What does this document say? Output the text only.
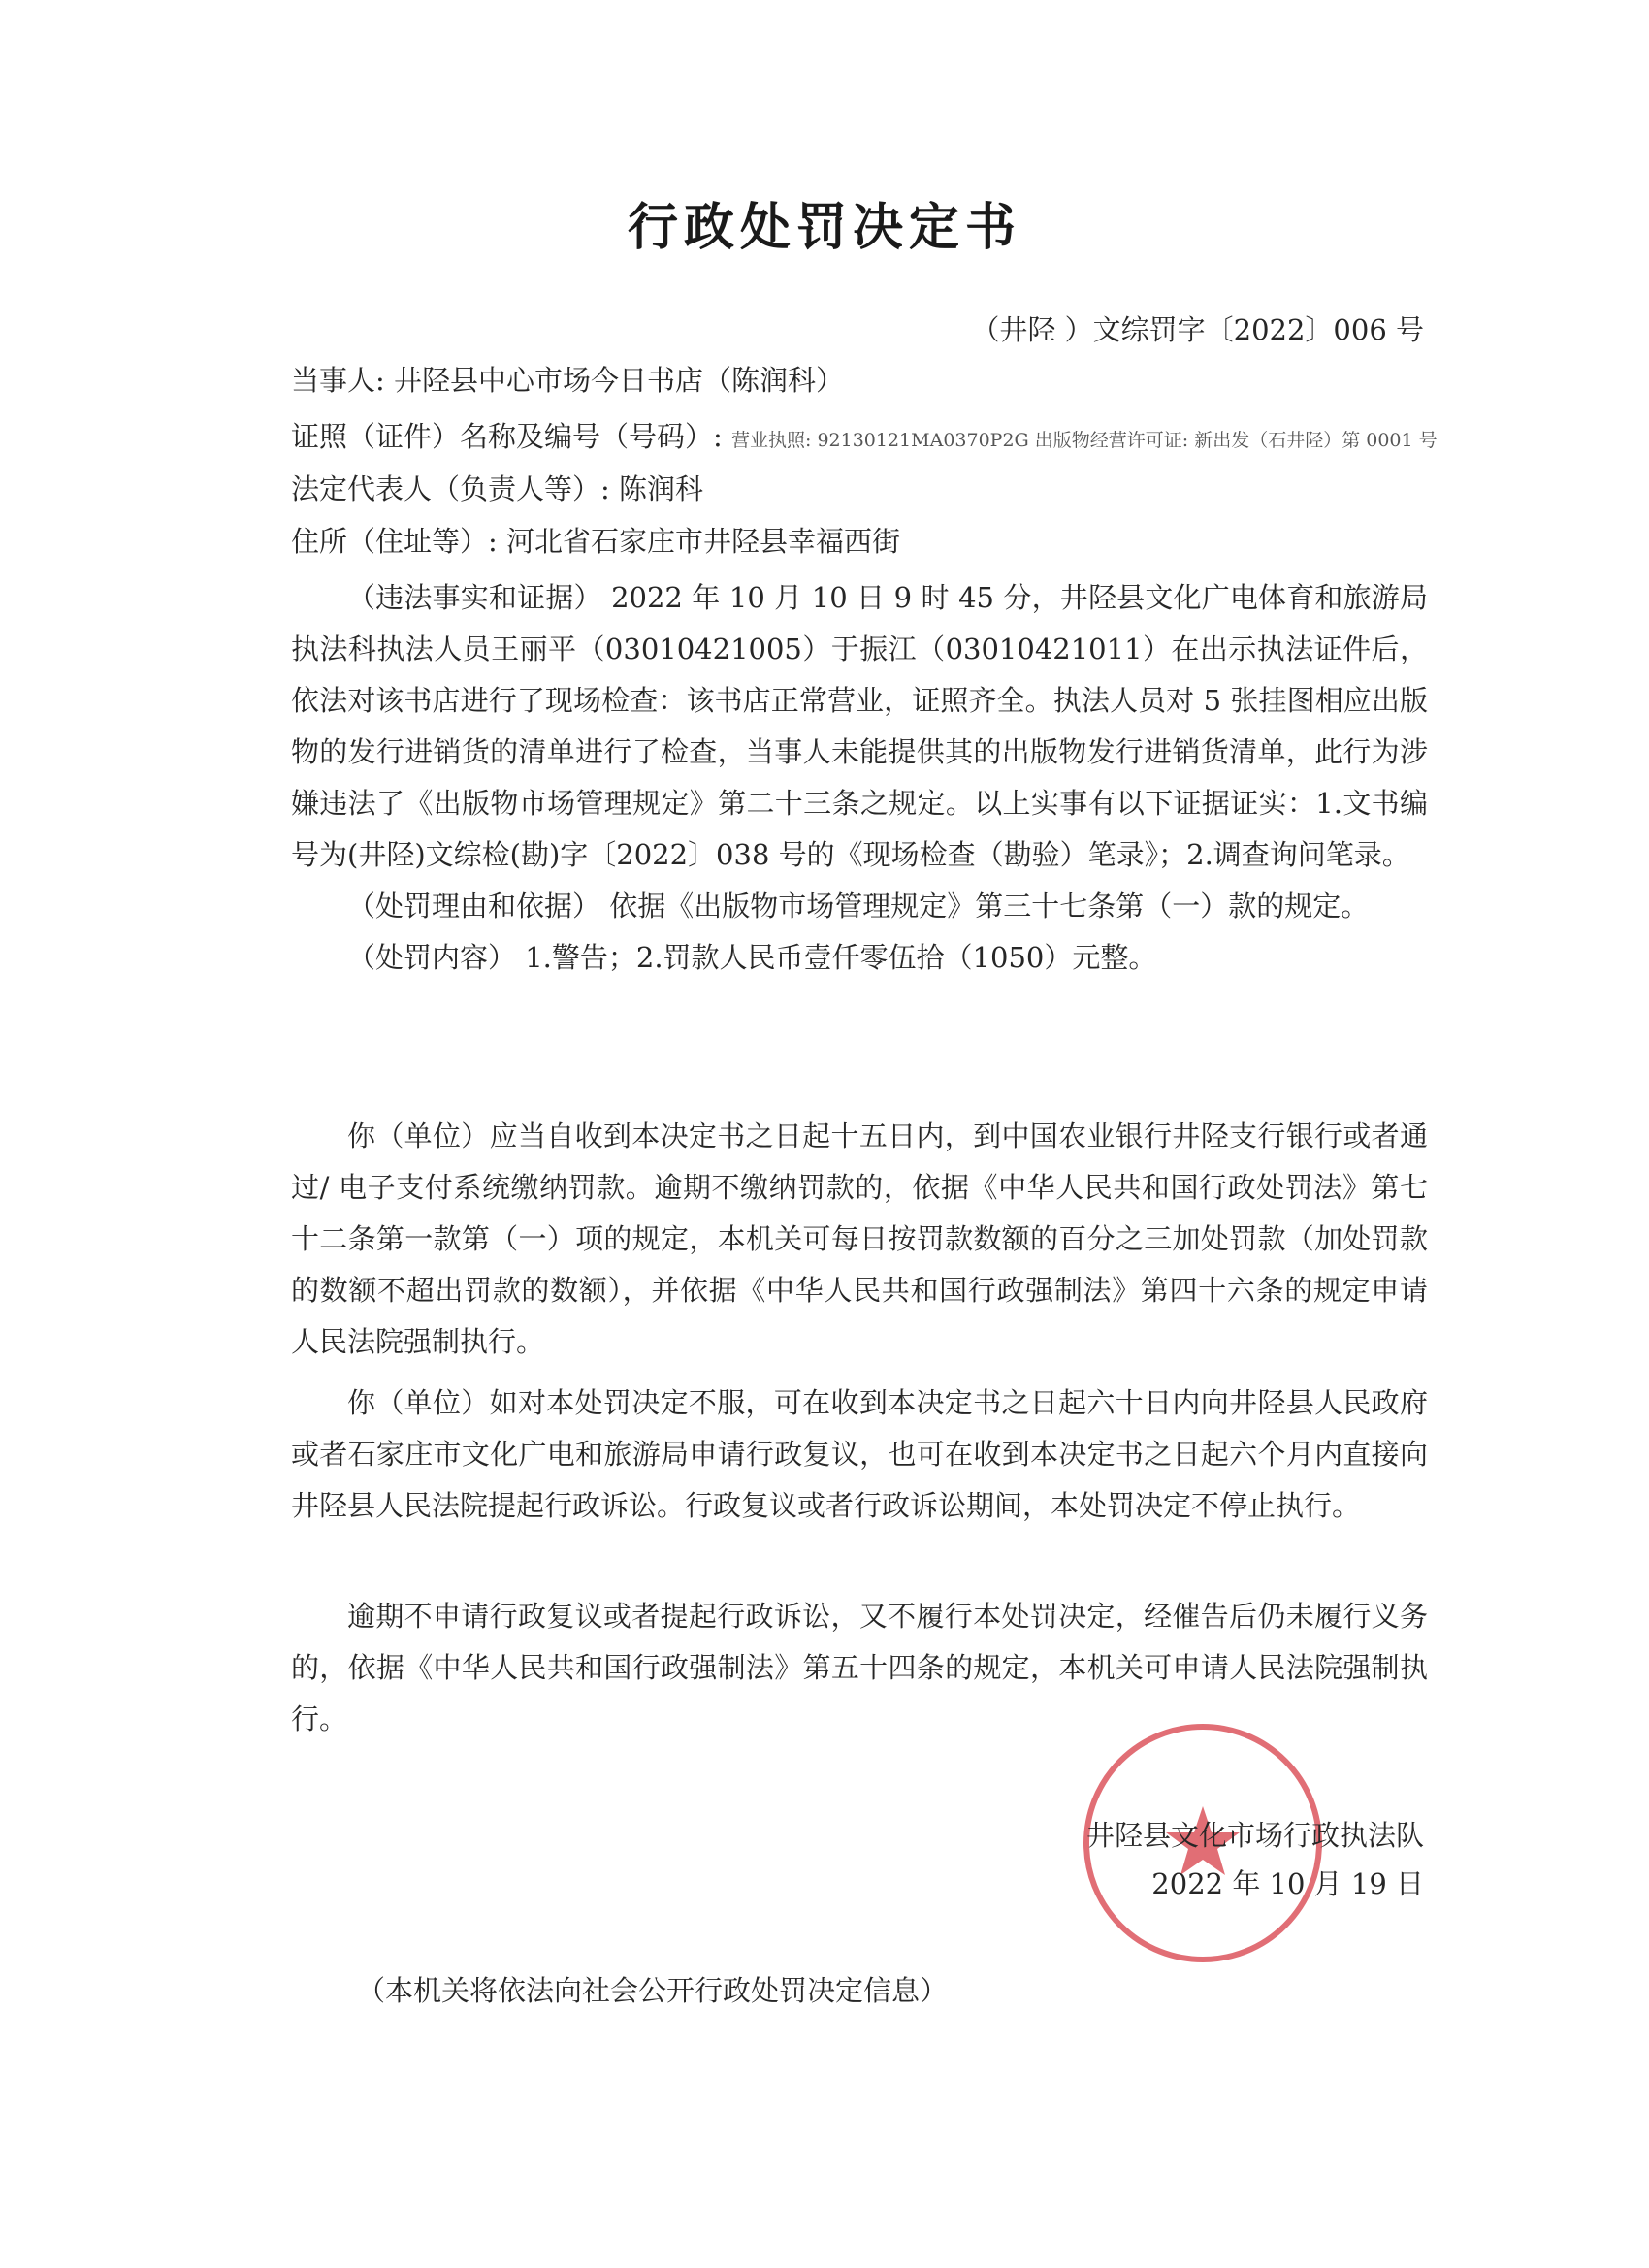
行政处罚决定书
（井陉 ）文综罚字〔2022〕006 号
当事人: 井陉县中心市场今日书店（陈润科）
证照（证件）名称及编号（号码）: 营业执照: 92130121MA0370P2G 出版物经营许可证: 新出发（石井陉）第 0001 号
法定代表人（负责人等）: 陈润科
住所（住址等）: 河北省石家庄市井陉县幸福西街

（违法事实和证据） 2022 年 10 月 10 日 9 时 45 分，井陉县文化广电体育和旅游局执法科执法人员王丽平（03010421005）于振江（03010421011）在出示执法证件后，依法对该书店进行了现场检查：该书店正常营业，证照齐全。执法人员对 5 张挂图相应出版物的发行进销货的清单进行了检查，当事人未能提供其的出版物发行进销货清单，此行为涉嫌违法了《出版物市场管理规定》第二十三条之规定。以上实事有以下证据证实：1.文书编号为(井陉)文综检(勘)字〔2022〕038 号的《现场检查（勘验）笔录》；2.调查询问笔录。

（处罚理由和依据） 依据《出版物市场管理规定》第三十七条第（一）款的规定。

（处罚内容） 1.警告；2.罚款人民币壹仟零伍拾（1050）元整。

你（单位）应当自收到本决定书之日起十五日内，到中国农业银行井陉支行银行或者通过/ 电子支付系统缴纳罚款。逾期不缴纳罚款的，依据《中华人民共和国行政处罚法》第七十二条第一款第（一）项的规定，本机关可每日按罚款数额的百分之三加处罚款（加处罚款的数额不超出罚款的数额），并依据《中华人民共和国行政强制法》第四十六条的规定申请人民法院强制执行。

你（单位）如对本处罚决定不服，可在收到本决定书之日起六十日内向井陉县人民政府或者石家庄市文化广电和旅游局申请行政复议，也可在收到本决定书之日起六个月内直接向井陉县人民法院提起行政诉讼。行政复议或者行政诉讼期间，本处罚决定不停止执行。

逾期不申请行政复议或者提起行政诉讼，又不履行本处罚决定，经催告后仍未履行义务的，依据《中华人民共和国行政强制法》第五十四条的规定，本机关可申请人民法院强制执行。

井陉县文化市场行政执法队
2022 年 10 月 19 日
（本机关将依法向社会公开行政处罚决定信息）
